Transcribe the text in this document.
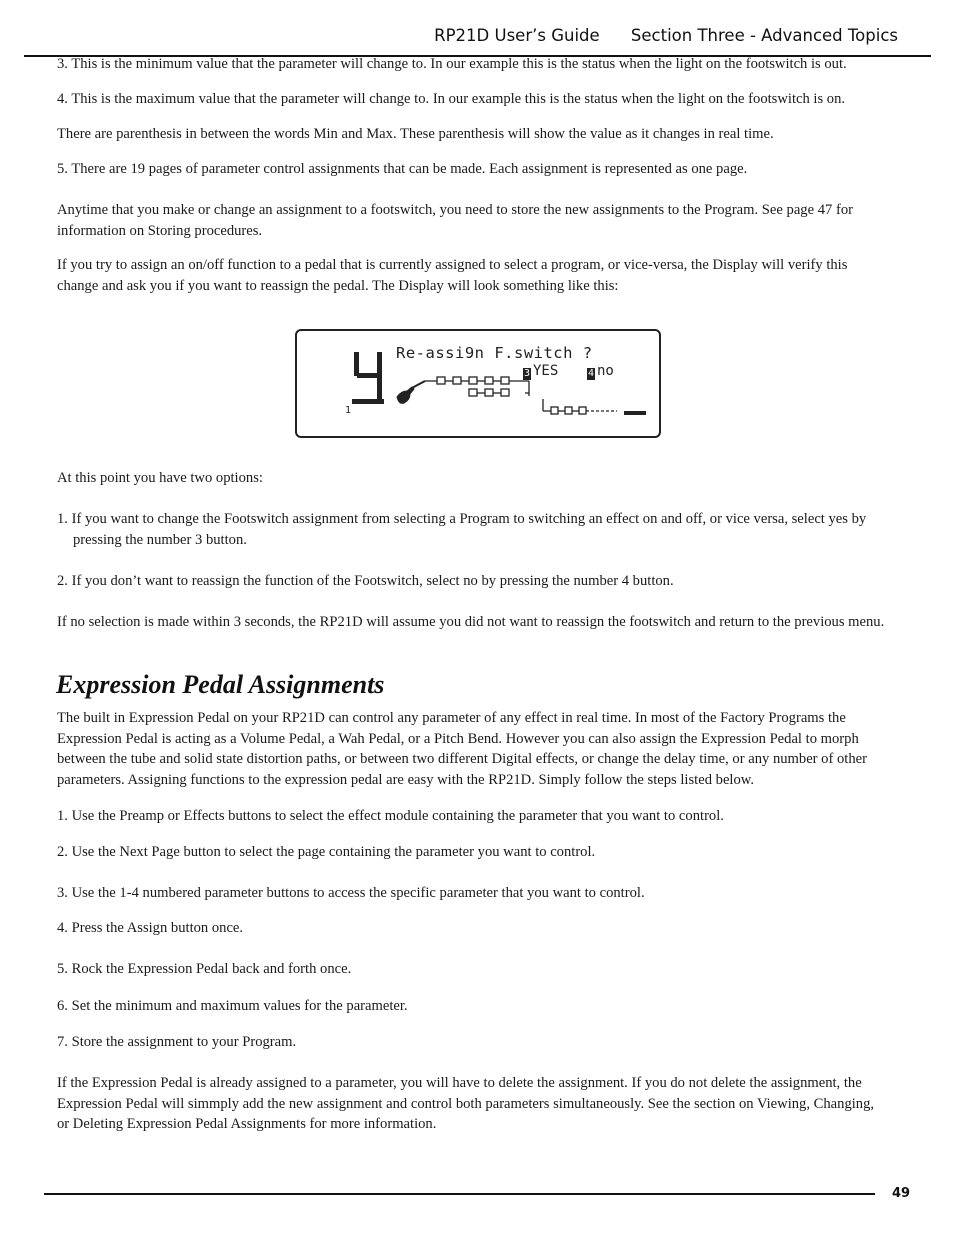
RP21D User’s Guide Section Three - Advanced Topics

3. This is the minimum value that the parameter will change to. In our example this is the status when the light on the footswitch is out.

4. This is the maximum value that the parameter will change to. In our example this is the status when the light on the footswitch is on.

There are parenthesis in between the words Min and Max. These parenthesis will show the value as it changes in real time.

5. There are 19 pages of parameter control assignments that can be made. Each assignment is represented as one page.

Anytime that you make or change an assignment to a footswitch, you need to store the new assignments to the Program. See page 47 for information on Storing procedures.

If you try to assign an on/off function to a pedal that is currently assigned to select a program, or vice-versa, the Display will verify this change and ask you if you want to reassign the pedal. The Display will look something like this:

Re-assi9n F.switch ?
3 YES	4 no
1

At this point you have two options:

1. If you want to change the Footswitch assignment from selecting a Program to switching an effect on and off, or vice versa, select yes by pressing the number 3 button.

2. If you don’t want to reassign the function of the Footswitch, select no by pressing the number 4 button.

If no selection is made within 3 seconds, the RP21D will assume you did not want to reassign the footswitch and return to the previous menu.

Expression Pedal Assignments

The built in Expression Pedal on your RP21D can control any parameter of any effect in real time. In most of the Factory Programs the Expression Pedal is acting as a Volume Pedal, a Wah Pedal, or a Pitch Bend. However you can also assign the Expression Pedal to morph between the tube and solid state distortion paths, or between two different Digital effects, or change the delay time, or any number of other parameters. Assigning functions to the expression pedal are easy with the RP21D. Simply follow the steps listed below.

1. Use the Preamp or Effects buttons to select the effect module containing the parameter that you want to control.

2. Use the Next Page button to select the page containing the parameter you want to control.

3. Use the 1-4 numbered parameter buttons to access the specific parameter that you want to control.

4. Press the Assign button once.

5. Rock the Expression Pedal back and forth once.

6. Set the minimum and maximum values for the parameter.

7. Store the assignment to your Program.

If the Expression Pedal is already assigned to a parameter, you will have to delete the assignment. If you do not delete the assignment, the Expression Pedal will simmply add the new assignment and control both parameters simultaneously. See the section on Viewing, Changing, or Deleting Expression Pedal Assignments for more information.

49
